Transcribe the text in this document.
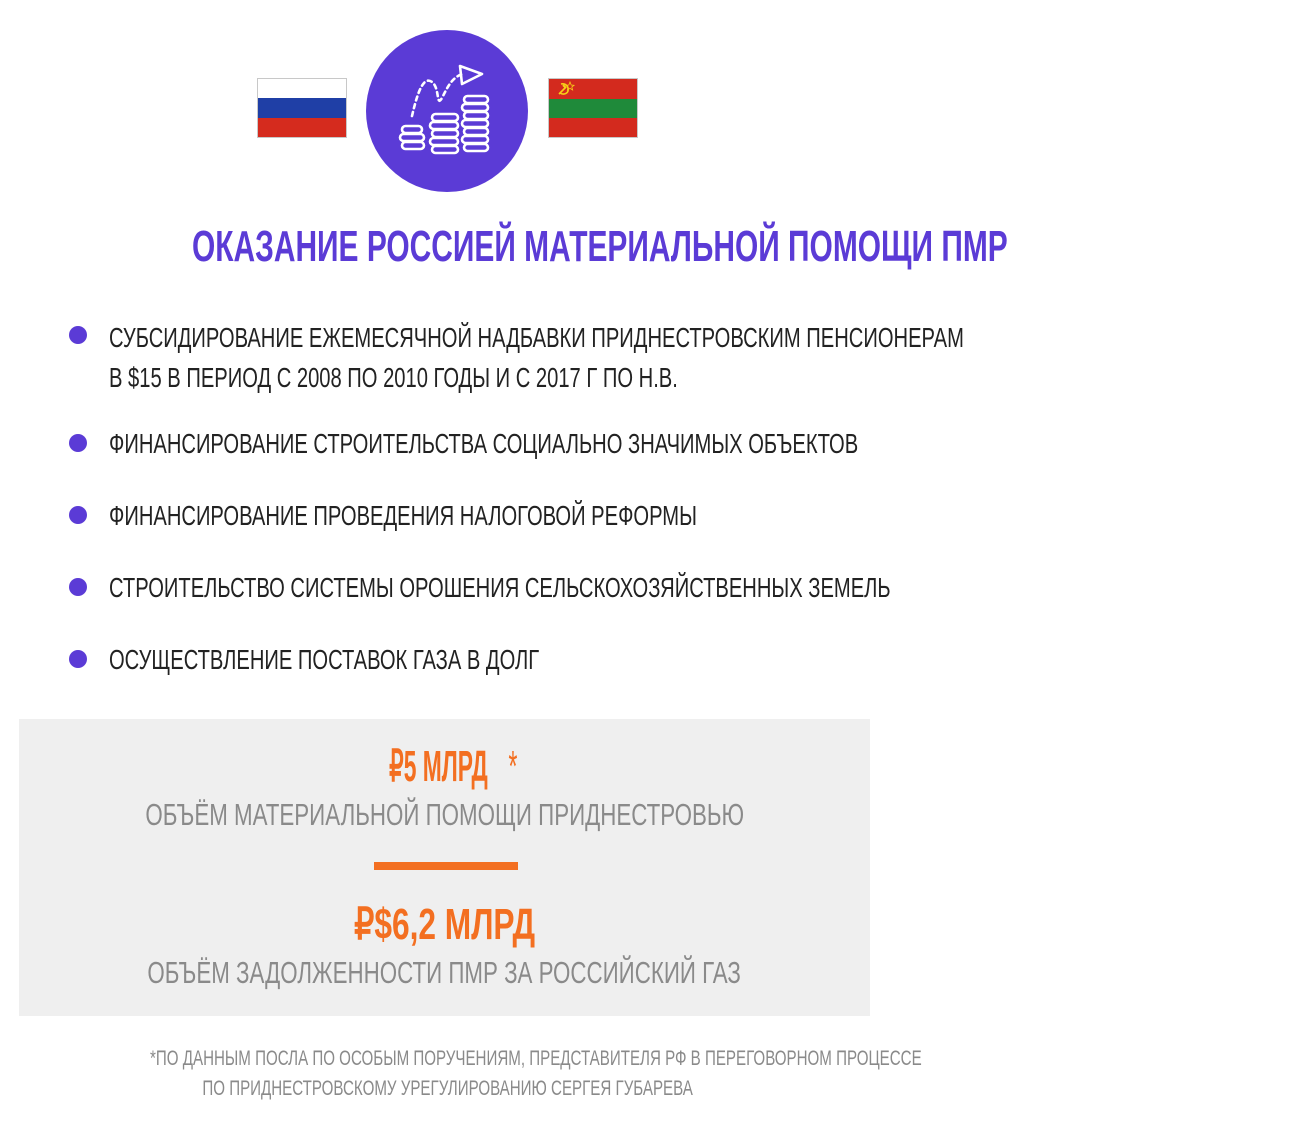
ОКАЗАНИЕ РОССИЕЙ МАТЕРИАЛЬНОЙ ПОМОЩИ ПМР
СУБСИДИРОВАНИЕ ЕЖЕМЕСЯЧНОЙ НАДБАВКИ ПРИДНЕСТРОВСКИМ ПЕНСИОНЕРАМ
В $15 В ПЕРИОД С 2008 ПО 2010 ГОДЫ И С 2017 Г ПО Н.В.
ФИНАНСИРОВАНИЕ СТРОИТЕЛЬСТВА СОЦИАЛЬНО ЗНАЧИМЫХ ОБЪЕКТОВ
ФИНАНСИРОВАНИЕ ПРОВЕДЕНИЯ НАЛОГОВОЙ РЕФОРМЫ
СТРОИТЕЛЬСТВО СИСТЕМЫ ОРОШЕНИЯ СЕЛЬСКОХОЗЯЙСТВЕННЫХ ЗЕМЕЛЬ
ОСУЩЕСТВЛЕНИЕ ПОСТАВОК ГАЗА В ДОЛГ
₽5 МЛРД *
ОБЪЁМ МАТЕРИАЛЬНОЙ ПОМОЩИ ПРИДНЕСТРОВЬЮ
₽$6,2 МЛРД
ОБЪЁМ ЗАДОЛЖЕННОСТИ ПМР ЗА РОССИЙСКИЙ ГАЗ
*ПО ДАННЫМ ПОСЛА ПО ОСОБЫМ ПОРУЧЕНИЯМ, ПРЕДСТАВИТЕЛЯ РФ В ПЕРЕГОВОРНОМ ПРОЦЕССЕ
ПО ПРИДНЕСТРОВСКОМУ УРЕГУЛИРОВАНИЮ СЕРГЕЯ ГУБАРЕВА
